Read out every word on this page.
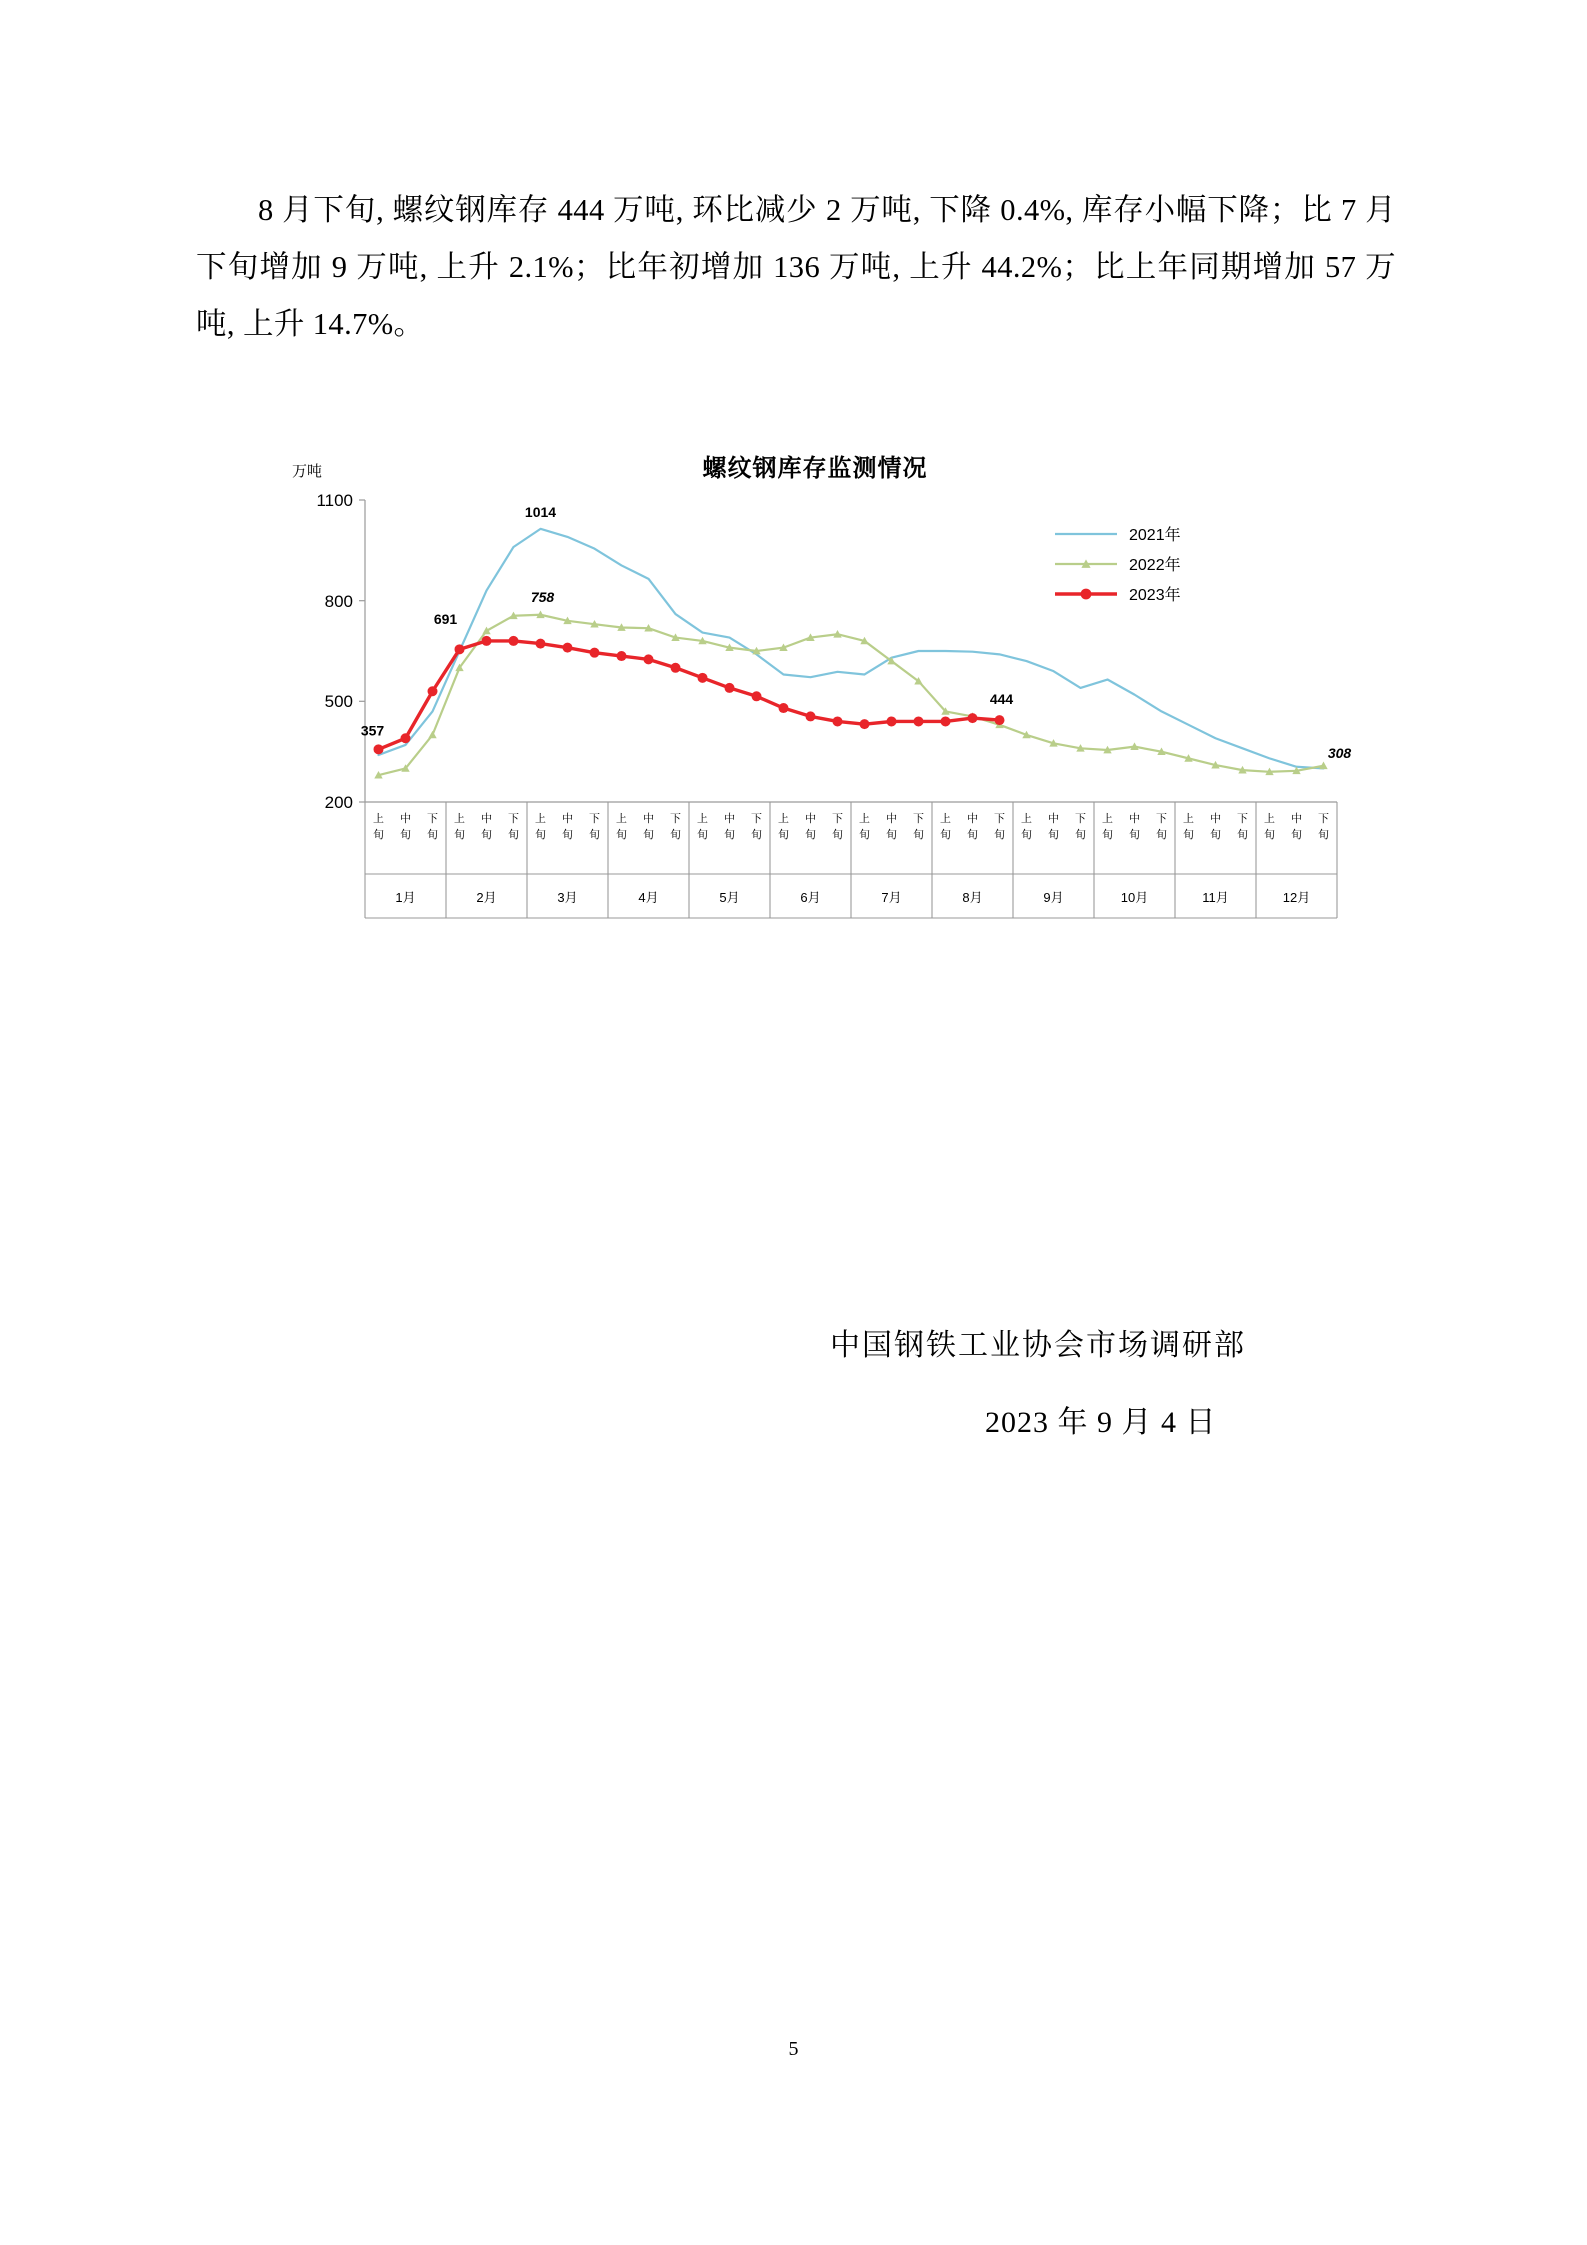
8 月下旬, 螺纹钢库存 444 万吨, 环比减少 2 万吨, 下降 0.4%, 库存小幅下降；比 7 月下旬增加 9 万吨, 上升 2.1%；比年初增加 136 万吨, 上升 44.2%；比上年同期增加 57 万吨, 上升 14.7%。
螺纹钢库存监测情况
万吨
1100
800
500
200
上
旬
中
旬
下
旬
上
旬
中
旬
下
旬
上
旬
中
旬
下
旬
上
旬
中
旬
下
旬
上
旬
中
旬
下
旬
上
旬
中
旬
下
旬
上
旬
中
旬
下
旬
上
旬
中
旬
下
旬
上
旬
中
旬
下
旬
上
旬
中
旬
下
旬
上
旬
中
旬
下
旬
上
旬
中
旬
下
旬
1月	2月	3月	4月	5月	6月	7月	8月	9月	10月	11月	12月
1014
758
691
357
444
308
2021年
2022年
2023年
中国钢铁工业协会市场调研部
2023 年 9 月 4 日
5
